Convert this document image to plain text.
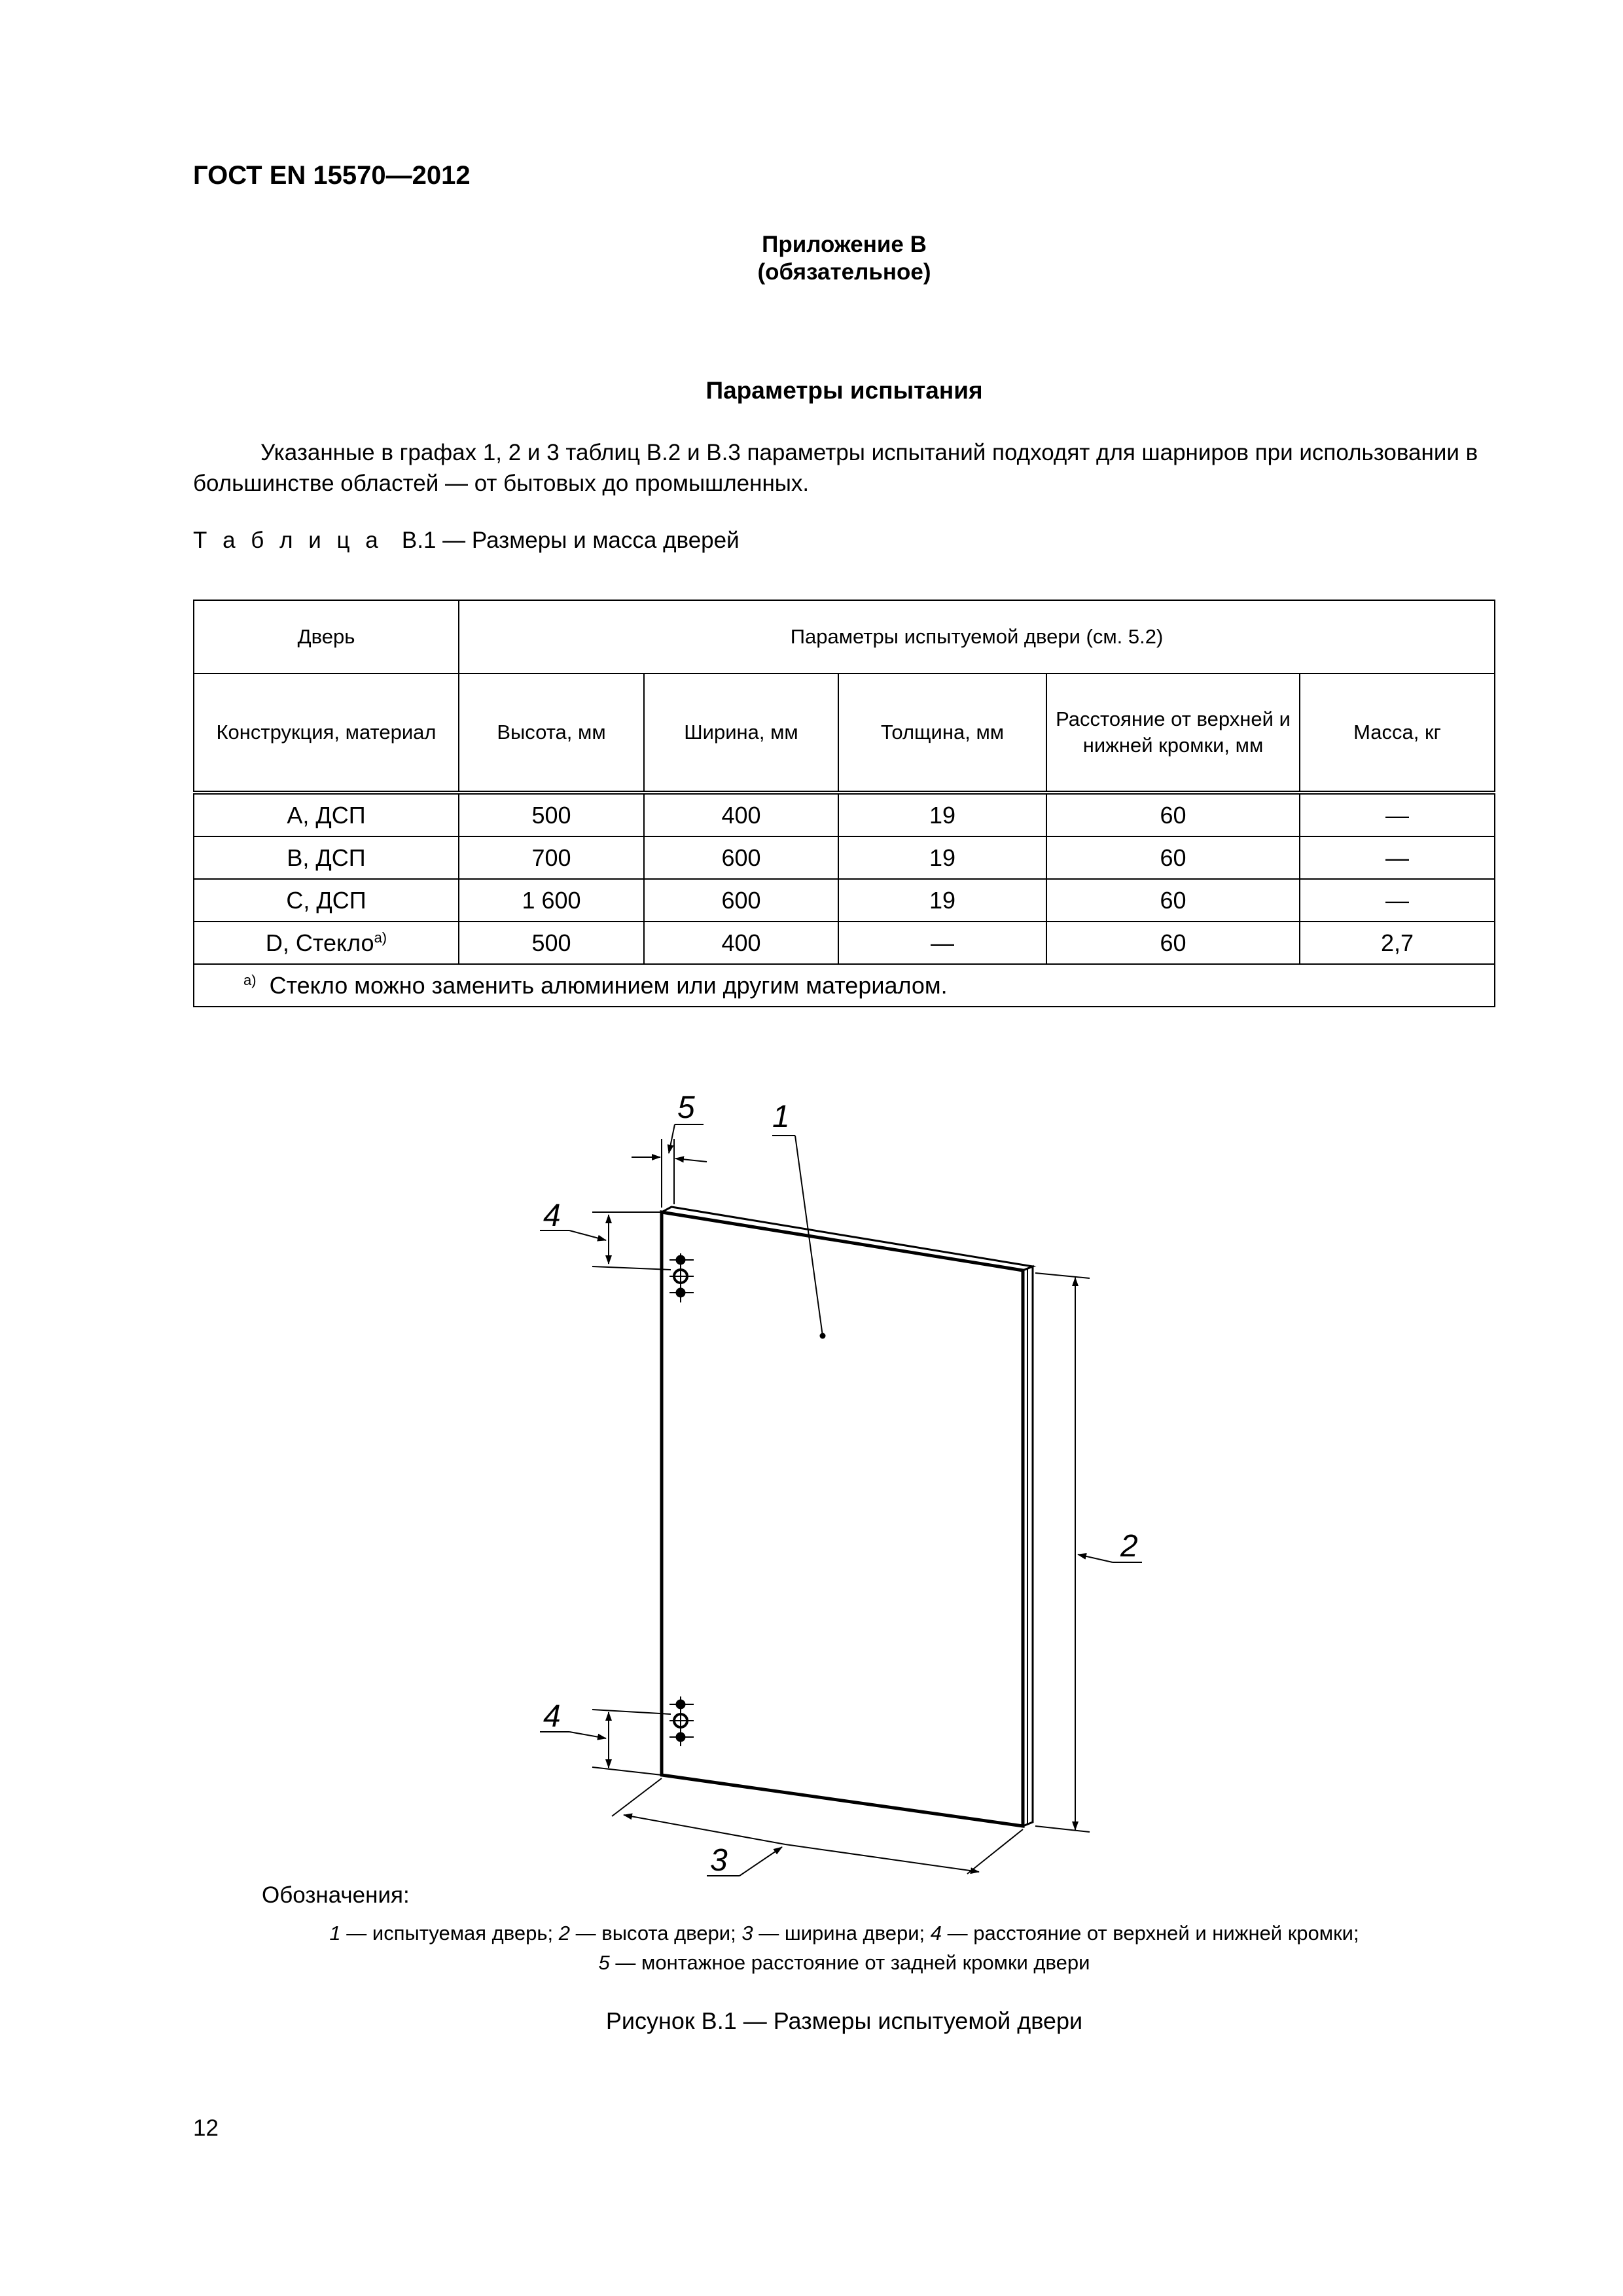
ГОСТ EN 15570—2012
Приложение В
(обязательное)
Параметры испытания
Указанные в графах 1, 2 и 3 таблиц В.2 и В.3 параметры испытаний подходят для шарниров при использовании в большинстве областей — от бытовых до промышленных.
Т а б л и ц а В.1 — Размеры и масса дверей
Дверь	Параметры испытуемой двери (см. 5.2)				
Конструкция, материал	Высота, мм	Ширина, мм	Толщина, мм	Расстояние от верхней и нижней кромки, мм	Масса, кг
A, ДСП	500	400	19	60	—
B, ДСП	700	600	19	60	—
C, ДСП	1 600	600	19	60	—
D, Стекло$^{a)}$	500	400	—	60	2,7
$^{a)}$ Стекло можно заменить алюминием или другим материалом.					
5 1
4
4
2
3
Обозначения:
1 — испытуемая дверь; 2 — высота двери; 3 — ширина двери; 4 — расстояние от верхней и нижней кромки;
5 — монтажное расстояние от задней кромки двери
Рисунок В.1 — Размеры испытуемой двери
12
